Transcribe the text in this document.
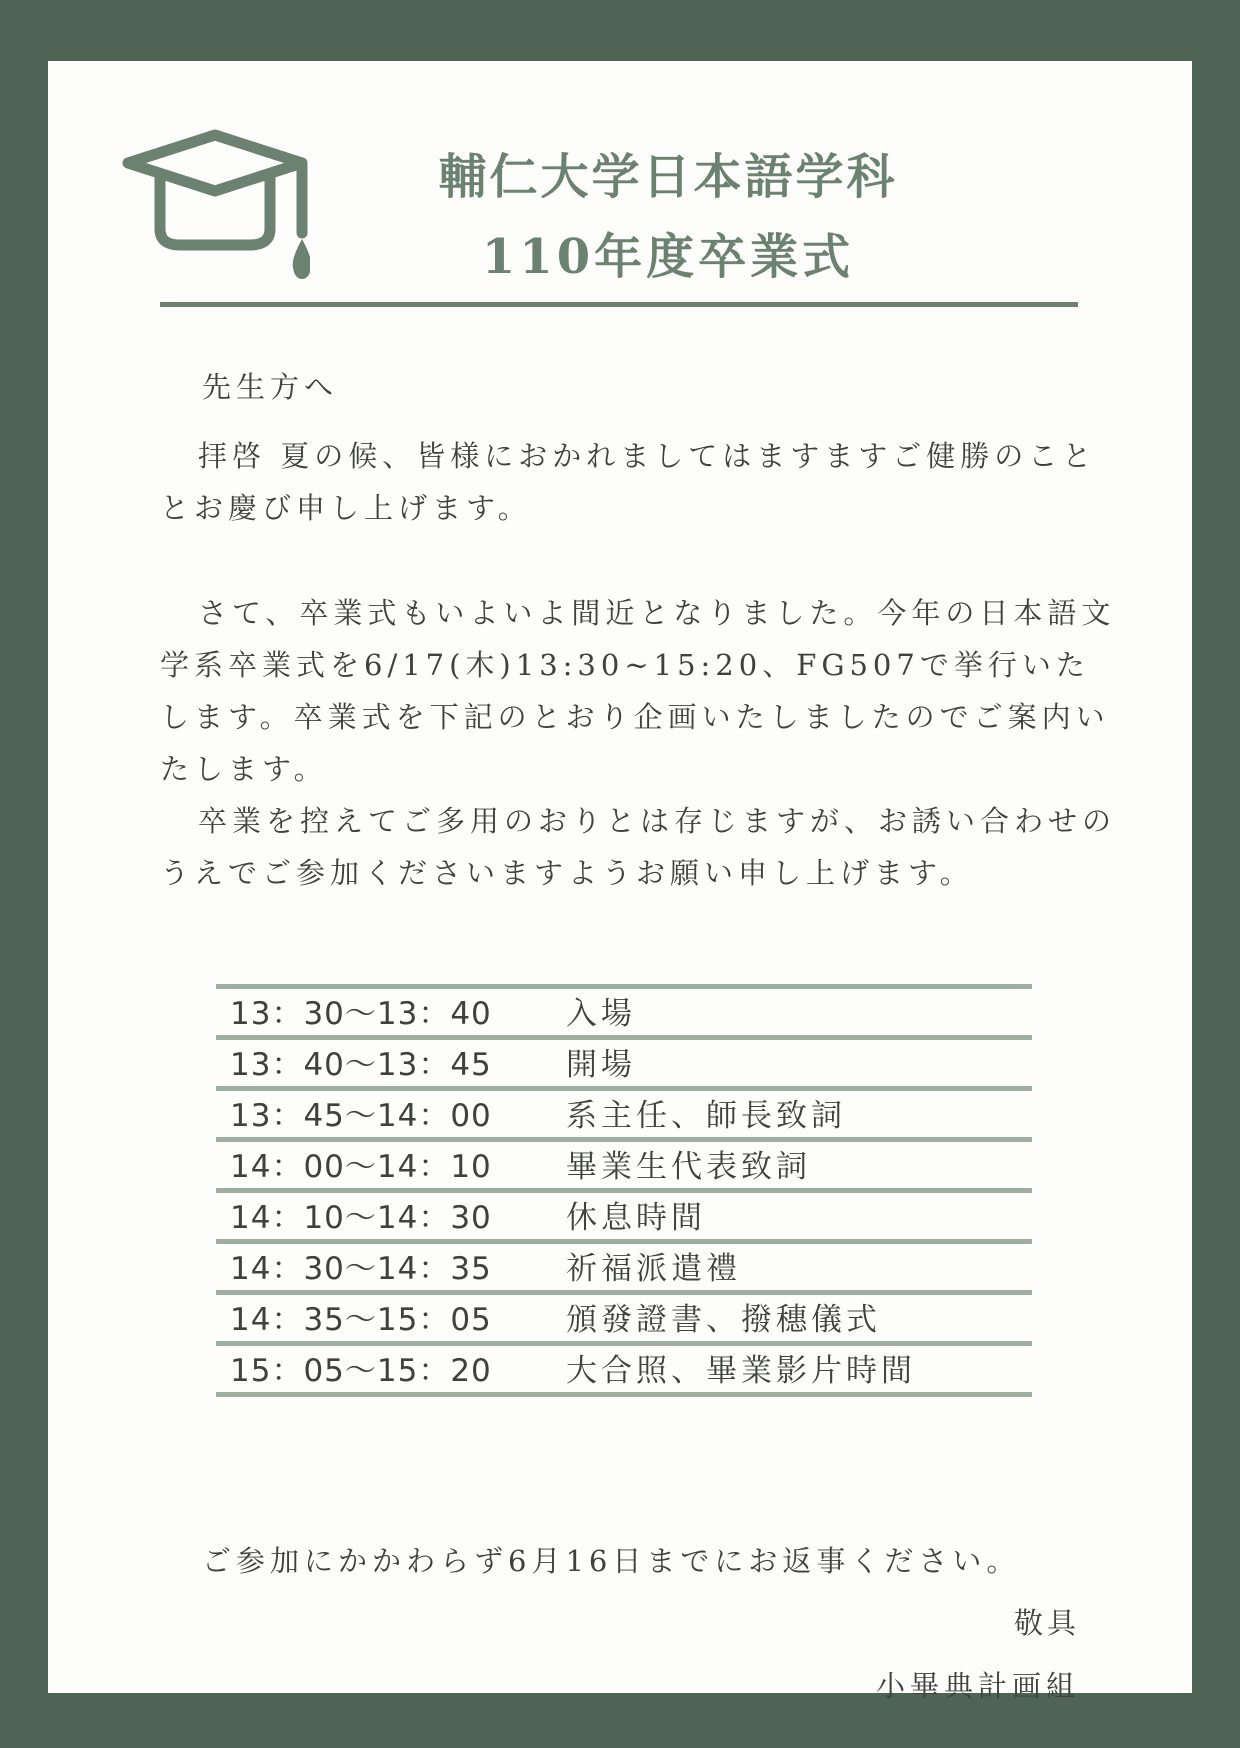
輔仁大学日本語学科
110年度卒業式
先生方へ
拝啓 夏の候、皆様におかれましてはますますご健勝のこととお慶び申し上げます。
さて、卒業式もいよいよ間近となりました。今年の日本語文学系卒業式を6/17(木)13:30~15:20、FG507で挙行いたします。卒業式を下記のとおり企画いたしましたのでご案内いたします。
卒業を控えてご多用のおりとは存じますが、お誘い合わせのうえでご参加くださいますようお願い申し上げます。
13：30～13：40 入場
13：40～13：45 開場
13：45～14：00 系主任、師長致詞
14：00～14：10 畢業生代表致詞
14：10～14：30 休息時間
14：30～14：35 祈福派遣禮
14：35～15：05 頒發證書、撥穗儀式
15：05～15：20 大合照、畢業影片時間
ご参加にかかわらず6月16日までにお返事ください。
敬具
小畢典計画組
